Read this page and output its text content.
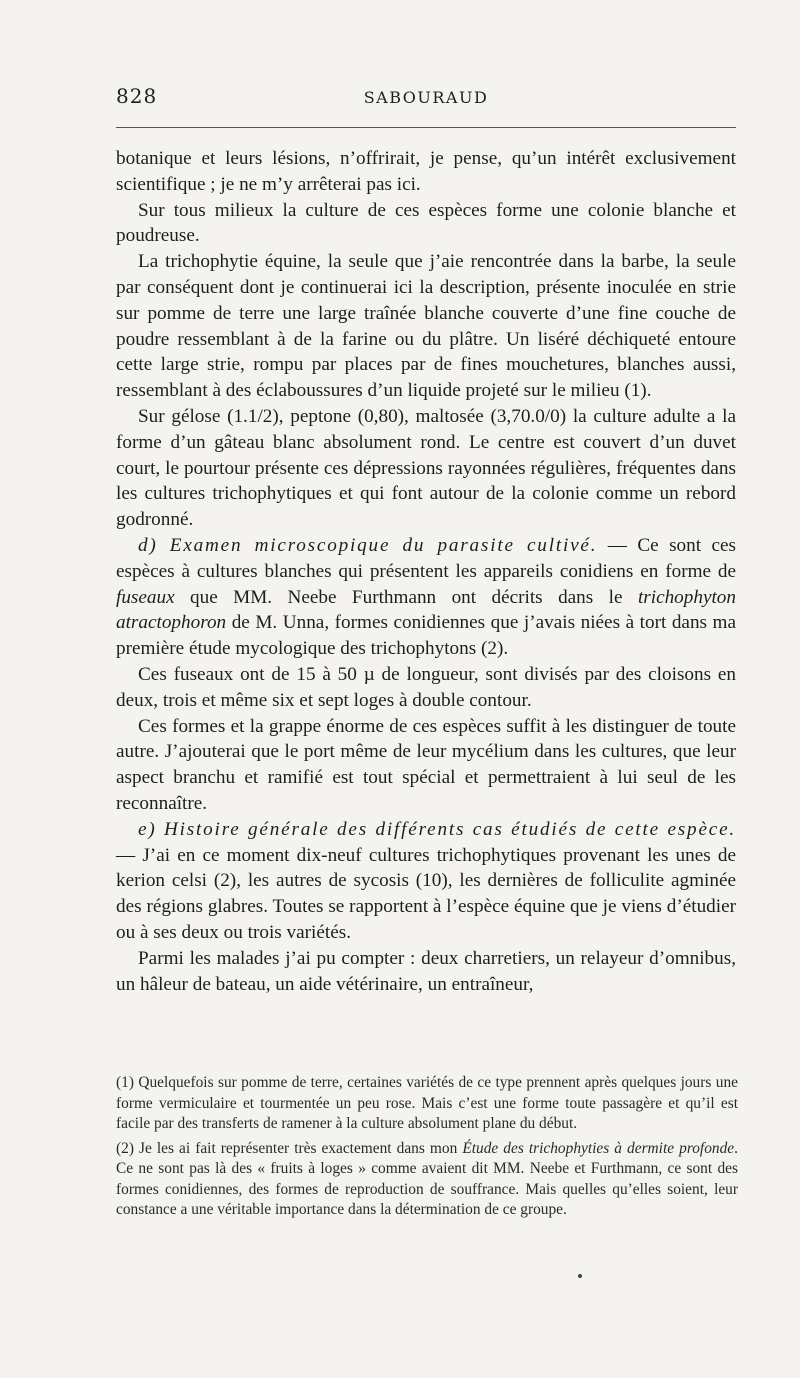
828	SABOURAUD

botanique et leurs lésions, n’offrirait, je pense, qu’un intérêt exclusivement scientifique ; je ne m’y arrêterai pas ici.

Sur tous milieux la culture de ces espèces forme une colonie blanche et poudreuse.

La trichophytie équine, la seule que j’aie rencontrée dans la barbe, la seule par conséquent dont je continuerai ici la description, présente inoculée en strie sur pomme de terre une large traînée blanche couverte d’une fine couche de poudre ressemblant à de la farine ou du plâtre. Un liséré déchiqueté entoure cette large strie, rompu par places par de fines mouchetures, blanches aussi, ressemblant à des éclaboussures d’un liquide projeté sur le milieu (1).

Sur gélose (1.1/2), peptone (0,80), maltosée (3,70.0/0) la culture adulte a la forme d’un gâteau blanc absolument rond. Le centre est couvert d’un duvet court, le pourtour présente ces dépressions rayonnées régulières, fréquentes dans les cultures trichophytiques et qui font autour de la colonie comme un rebord godronné.

d) Examen microscopique du parasite cultivé. — Ce sont ces espèces à cultures blanches qui présentent les appareils conidiens en forme de fuseaux que MM. Neebe Furthmann ont décrits dans le trichophyton atractophoron de M. Unna, formes conidiennes que j’avais niées à tort dans ma première étude mycologique des trichophytons (2).

Ces fuseaux ont de 15 à 50 µ de longueur, sont divisés par des cloisons en deux, trois et même six et sept loges à double contour.

Ces formes et la grappe énorme de ces espèces suffit à les distinguer de toute autre. J’ajouterai que le port même de leur mycélium dans les cultures, que leur aspect branchu et ramifié est tout spécial et permettraient à lui seul de les reconnaître.

e) Histoire générale des différents cas étudiés de cette espèce. — J’ai en ce moment dix-neuf cultures trichophytiques provenant les unes de kerion celsi (2), les autres de sycosis (10), les dernières de folliculite agminée des régions glabres. Toutes se rapportent à l’espèce équine que je viens d’étudier ou à ses deux ou trois variétés.

Parmi les malades j’ai pu compter : deux charretiers, un relayeur d’omnibus, un hâleur de bateau, un aide vétérinaire, un entraîneur,

(1) Quelquefois sur pomme de terre, certaines variétés de ce type prennent après quelques jours une forme vermiculaire et tourmentée un peu rose. Mais c’est une forme toute passagère et qu’il est facile par des transferts de ramener à la culture absolument plane du début.

(2) Je les ai fait représenter très exactement dans mon Étude des trichophyties à dermite profonde. Ce ne sont pas là des « fruits à loges » comme avaient dit MM. Neebe et Furthmann, ce sont des formes conidiennes, des formes de reproduction de souffrance. Mais quelles qu’elles soient, leur constance a une véritable importance dans la détermination de ce groupe.
